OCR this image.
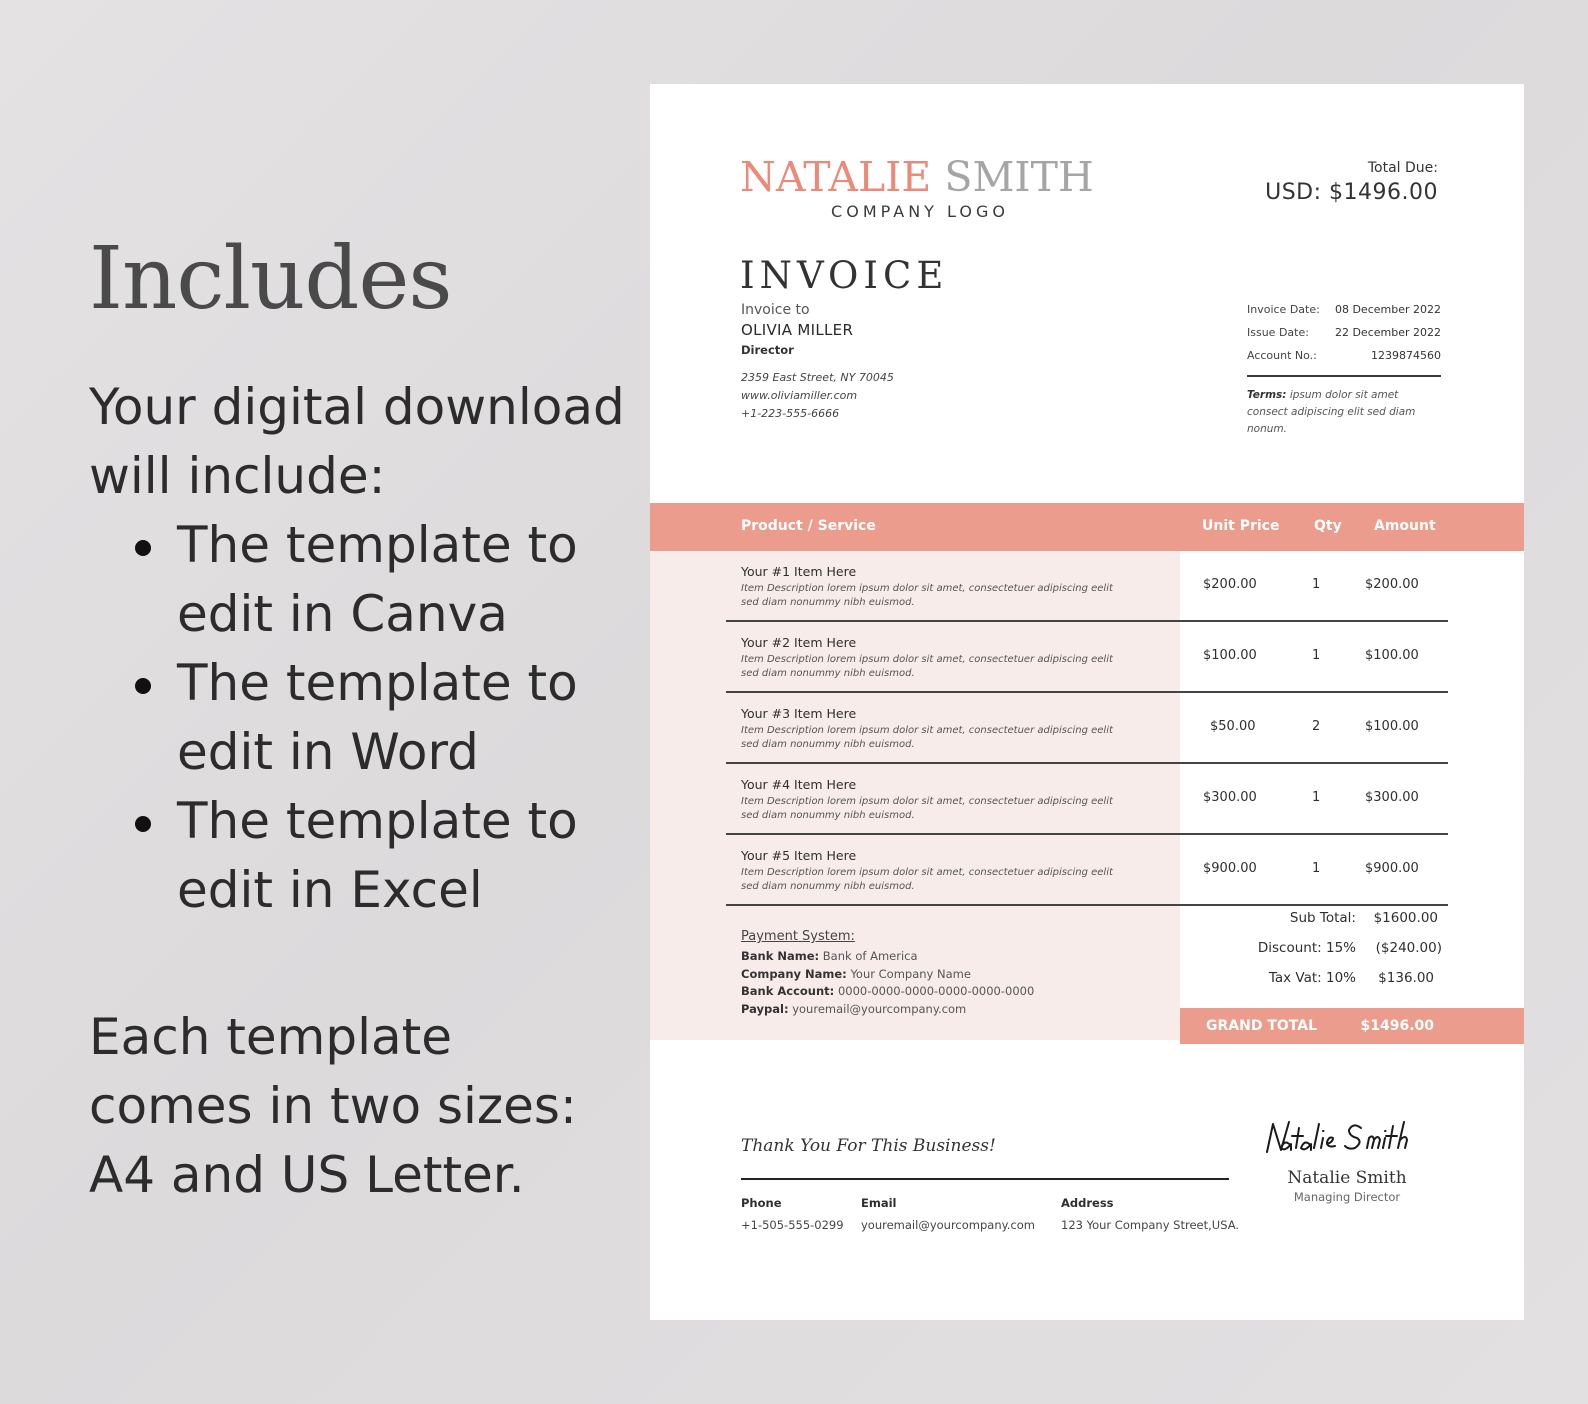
Includes

Your digital download will include:

The template to edit in Canva
The template to edit in Word
The template to edit in Excel

Each template comes in two sizes: A4 and US Letter.

NATALIE SMITH
COMPANY LOGO
Total Due:
USD: $1496.00
INVOICE
Invoice to
OLIVIA MILLER
Director
2359 East Street, NY 70045
www.oliviamiller.com
+1-223-555-6666
Invoice Date: 08 December 2022
Issue Date: 22 December 2022
Account No.:	1239874560
Terms: ipsum dolor sit amet consect adipiscing elit sed diam nonum.
Product / Service	Unit Price Qty Amount
Your #1 Item Here
Item Description lorem ipsum dolor sit amet, consectetuer adipiscing eelit sed diam nonummy nibh euismod.
$200.00	1	$200.00
Your #2 Item Here
Item Description lorem ipsum dolor sit amet, consectetuer adipiscing eelit sed diam nonummy nibh euismod.
$100.00	1	$100.00
Your #3 Item Here
Item Description lorem ipsum dolor sit amet, consectetuer adipiscing eelit sed diam nonummy nibh euismod.
$50.00	2	$100.00
Your #4 Item Here
Item Description lorem ipsum dolor sit amet, consectetuer adipiscing eelit sed diam nonummy nibh euismod.
$300.00	1	$300.00
Your #5 Item Here
Item Description lorem ipsum dolor sit amet, consectetuer adipiscing eelit sed diam nonummy nibh euismod.
$900.00	1	$900.00
Payment System:
Bank Name: Bank of America
Company Name: Your Company Name
Bank Account: 0000-0000-0000-0000-0000-0000
Paypal: youremail@yourcompany.com
Sub Total: $1600.00
Discount: 15% ($240.00)
Tax Vat: 10% $136.00
GRAND TOTAL	$1496.00
Thank You For This Business!
Phone
+1-505-555-0299
Email
youremail@yourcompany.com
Address
123 Your Company Street,USA.
Natalie Smith
Managing Director
